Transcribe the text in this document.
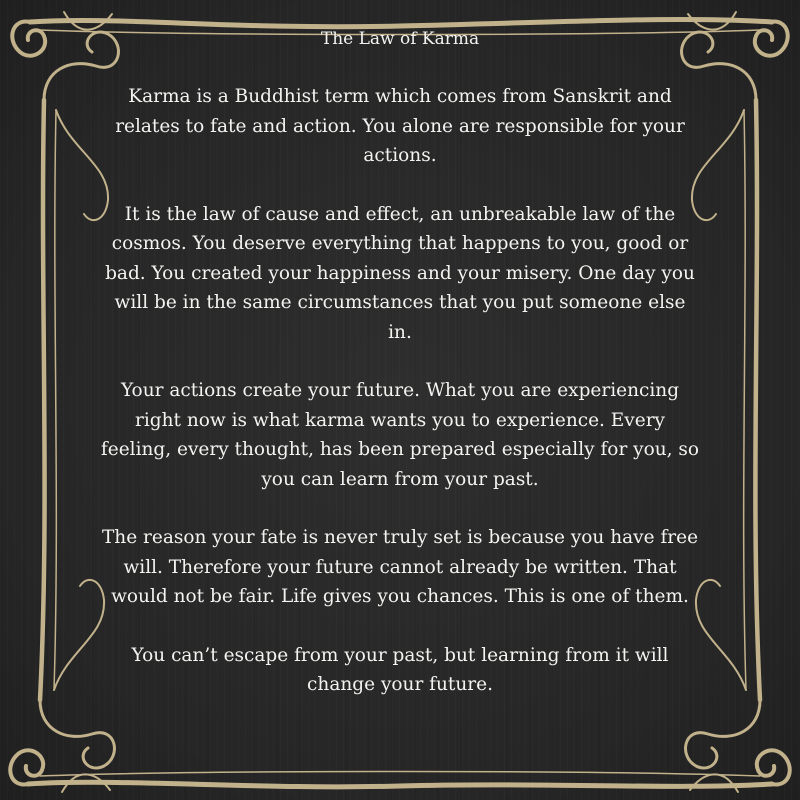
The Law of Karma

Karma is a Buddhist term which comes from Sanskrit and relates to fate and action. You alone are responsible for your actions.

It is the law of cause and effect, an unbreakable law of the cosmos. You deserve everything that happens to you, good or bad. You created your happiness and your misery. One day you will be in the same circumstances that you put someone else in.

Your actions create your future. What you are experiencing right now is what karma wants you to experience. Every feeling, every thought, has been prepared especially for you, so you can learn from your past.

The reason your fate is never truly set is because you have free will. Therefore your future cannot already be written. That would not be fair. Life gives you chances. This is one of them.

You can’t escape from your past, but learning from it will change your future.
